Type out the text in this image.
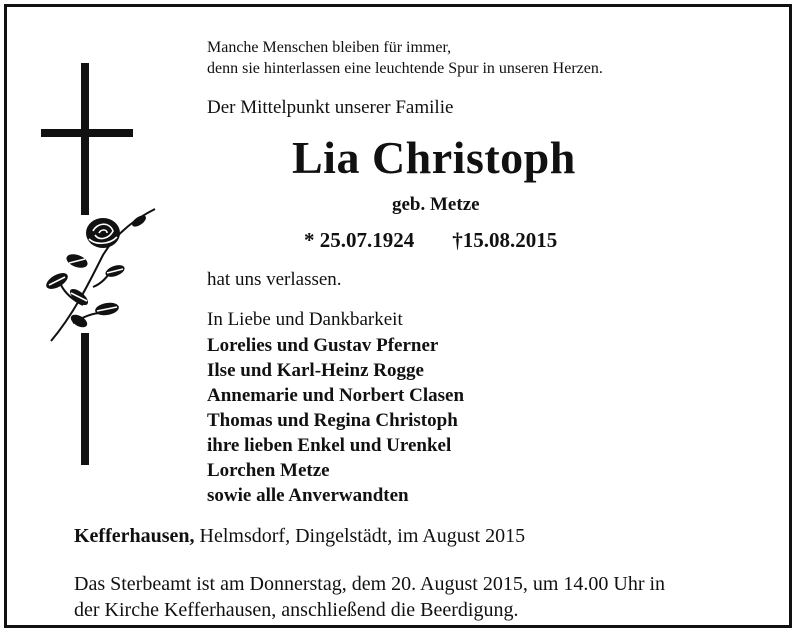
Manche Menschen bleiben für immer,
denn sie hinterlassen eine leuchtende Spur in unseren Herzen.

Der Mittelpunkt unserer Familie

Lia Christoph

geb. Metze

* 25.07.1924 †15.08.2015

hat uns verlassen.

In Liebe und Dankbarkeit

Lorelies und Gustav Pferner
Ilse und Karl-Heinz Rogge
Annemarie und Norbert Clasen
Thomas und Regina Christoph
ihre lieben Enkel und Urenkel
Lorchen Metze
sowie alle Anverwandten

Kefferhausen, Helmsdorf, Dingelstädt, im August 2015

Das Sterbeamt ist am Donnerstag, dem 20. August 2015, um 14.00 Uhr in
der Kirche Kefferhausen, anschließend die Beerdigung.
